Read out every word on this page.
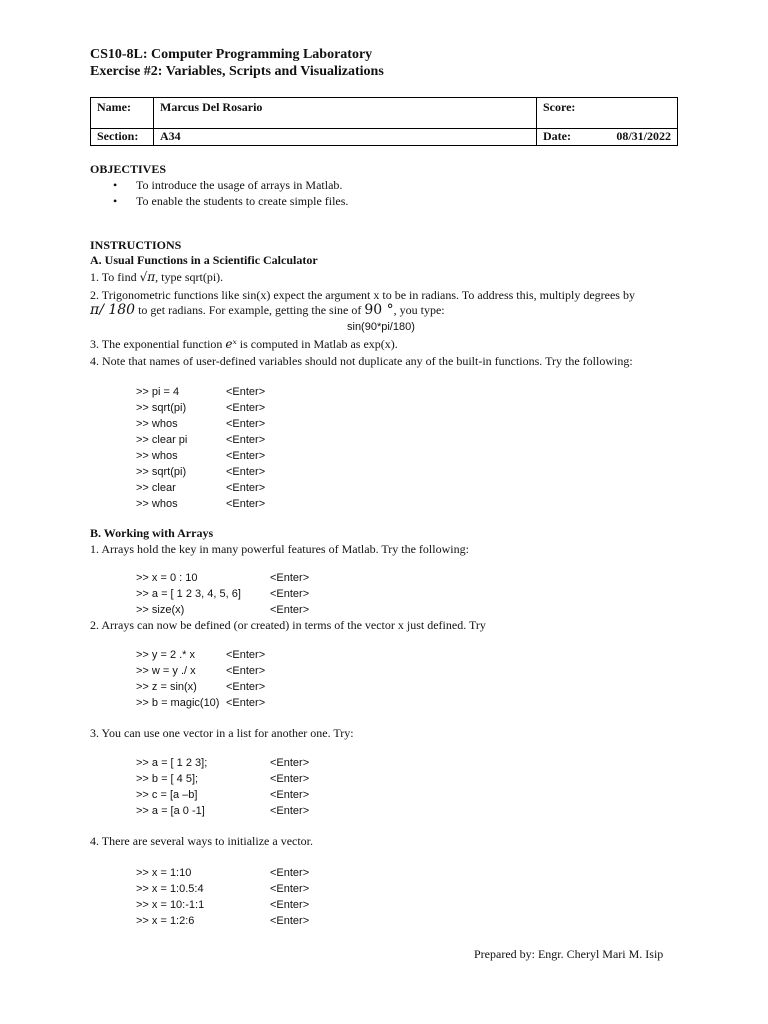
CS10-8L: Computer Programming Laboratory
Exercise #2: Variables, Scripts and Visualizations
Name:	Marcus Del Rosario	Score:	
Section:	A34	Date:	08/31/2022
OBJECTIVES
• To introduce the usage of arrays in Matlab.
• To enable the students to create simple files.
INSTRUCTIONS
A. Usual Functions in a Scientific Calculator
1. To find √π, type sqrt(pi).
2. Trigonometric functions like sin(x) expect the argument x to be in radians. To address this, multiply degrees by
π/ 180 to get radians. For example, getting the sine of 90 °, you type:
sin(90*pi/180)
3. The exponential function eˣ is computed in Matlab as exp(x).
4. Note that names of user-defined variables should not duplicate any of the built-in functions. Try the following:
>> pi = 4	<Enter>
>> sqrt(pi)	<Enter>
>> whos	<Enter>
>> clear pi	<Enter>
>> whos	<Enter>
>> sqrt(pi)	<Enter>
>> clear	<Enter>
>> whos	<Enter>
B. Working with Arrays
1. Arrays hold the key in many powerful features of Matlab. Try the following:
>> x = 0 : 10	<Enter>
>> a = [ 1 2 3, 4, 5, 6]	<Enter>
>> size(x)	<Enter>
2. Arrays can now be defined (or created) in terms of the vector x just defined. Try
>> y = 2 .* x	<Enter>
>> w = y ./ x	<Enter>
>> z = sin(x)	<Enter>
>> b = magic(10) <Enter>
3. You can use one vector in a list for another one. Try:
>> a = [ 1 2 3];	<Enter>
>> b = [ 4 5];	<Enter>
>> c = [a –b]	<Enter>
>> a = [a 0 -1]	<Enter>
4. There are several ways to initialize a vector.
>> x = 1:10	<Enter>
>> x = 1:0.5:4	<Enter>
>> x = 10:-1:1	<Enter>
>> x = 1:2:6	<Enter>
Prepared by: Engr. Cheryl Mari M. Isip
